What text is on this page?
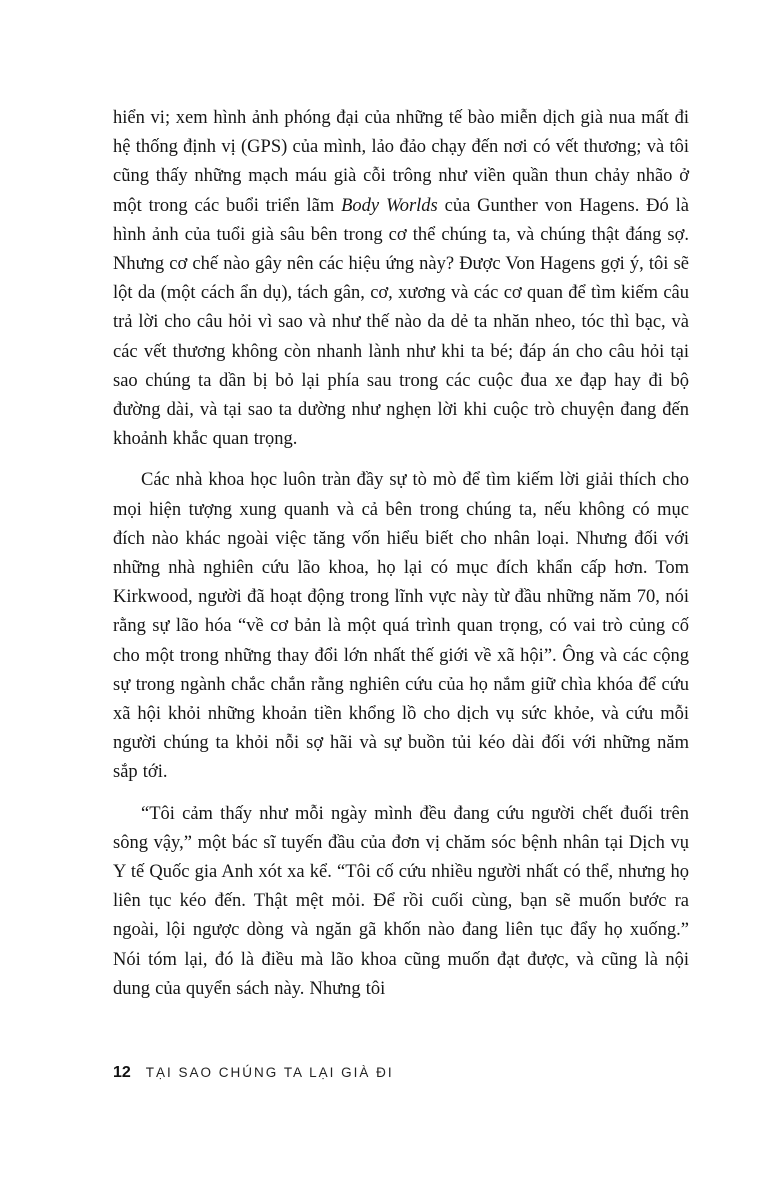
hiển vi; xem hình ảnh phóng đại của những tế bào miễn dịch già nua mất đi hệ thống định vị (GPS) của mình, lảo đảo chạy đến nơi có vết thương; và tôi cũng thấy những mạch máu già cỗi trông như viền quần thun chảy nhão ở một trong các buổi triển lãm Body Worlds của Gunther von Hagens. Đó là hình ảnh của tuổi già sâu bên trong cơ thể chúng ta, và chúng thật đáng sợ. Nhưng cơ chế nào gây nên các hiệu ứng này? Được Von Hagens gợi ý, tôi sẽ lột da (một cách ẩn dụ), tách gân, cơ, xương và các cơ quan để tìm kiếm câu trả lời cho câu hỏi vì sao và như thế nào da dẻ ta nhăn nheo, tóc thì bạc, và các vết thương không còn nhanh lành như khi ta bé; đáp án cho câu hỏi tại sao chúng ta dần bị bỏ lại phía sau trong các cuộc đua xe đạp hay đi bộ đường dài, và tại sao ta dường như nghẹn lời khi cuộc trò chuyện đang đến khoảnh khắc quan trọng.

Các nhà khoa học luôn tràn đầy sự tò mò để tìm kiếm lời giải thích cho mọi hiện tượng xung quanh và cả bên trong chúng ta, nếu không có mục đích nào khác ngoài việc tăng vốn hiểu biết cho nhân loại. Nhưng đối với những nhà nghiên cứu lão khoa, họ lại có mục đích khẩn cấp hơn. Tom Kirkwood, người đã hoạt động trong lĩnh vực này từ đầu những năm 70, nói rằng sự lão hóa “về cơ bản là một quá trình quan trọng, có vai trò củng cố cho một trong những thay đổi lớn nhất thế giới về xã hội”. Ông và các cộng sự trong ngành chắc chắn rằng nghiên cứu của họ nắm giữ chìa khóa để cứu xã hội khỏi những khoản tiền khổng lồ cho dịch vụ sức khỏe, và cứu mỗi người chúng ta khỏi nỗi sợ hãi và sự buồn tủi kéo dài đối với những năm sắp tới.

“Tôi cảm thấy như mỗi ngày mình đều đang cứu người chết đuối trên sông vậy,” một bác sĩ tuyến đầu của đơn vị chăm sóc bệnh nhân tại Dịch vụ Y tế Quốc gia Anh xót xa kể. “Tôi cố cứu nhiều người nhất có thể, nhưng họ liên tục kéo đến. Thật mệt mỏi. Để rồi cuối cùng, bạn sẽ muốn bước ra ngoài, lội ngược dòng và ngăn gã khốn nào đang liên tục đẩy họ xuống.” Nói tóm lại, đó là điều mà lão khoa cũng muốn đạt được, và cũng là nội dung của quyển sách này. Nhưng tôi

12 TẠI SAO CHÚNG TA LẠI GIÀ ĐI
